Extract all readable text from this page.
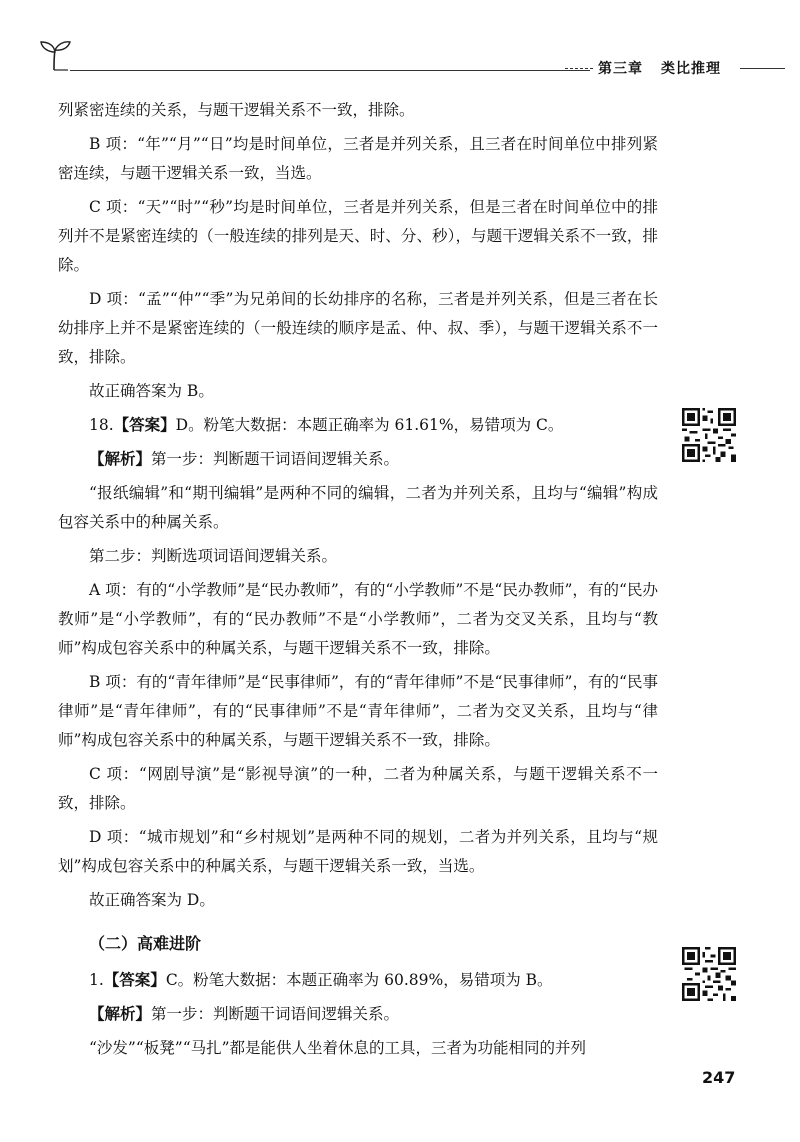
第三章 类比推理

列紧密连续的关系，与题干逻辑关系不一致，排除。

B 项：“年”“月”“日”均是时间单位，三者是并列关系，且三者在时间单位中排列紧密连续，与题干逻辑关系一致，当选。

C 项：“天”“时”“秒”均是时间单位，三者是并列关系，但是三者在时间单位中的排列并不是紧密连续的（一般连续的排列是天、时、分、秒），与题干逻辑关系不一致，排除。

D 项：“孟”“仲”“季”为兄弟间的长幼排序的名称，三者是并列关系，但是三者在长幼排序上并不是紧密连续的（一般连续的顺序是孟、仲、叔、季），与题干逻辑关系不一致，排除。

故正确答案为 B。

18.【答案】D。粉笔大数据：本题正确率为 61.61%，易错项为 C。

【解析】第一步：判断题干词语间逻辑关系。

“报纸编辑”和“期刊编辑”是两种不同的编辑，二者为并列关系，且均与“编辑”构成包容关系中的种属关系。

第二步：判断选项词语间逻辑关系。

A 项：有的“小学教师”是“民办教师”，有的“小学教师”不是“民办教师”，有的“民办教师”是“小学教师”，有的“民办教师”不是“小学教师”，二者为交叉关系，且均与“教师”构成包容关系中的种属关系，与题干逻辑关系不一致，排除。

B 项：有的“青年律师”是“民事律师”，有的“青年律师”不是“民事律师”，有的“民事律师”是“青年律师”，有的“民事律师”不是“青年律师”，二者为交叉关系，且均与“律师”构成包容关系中的种属关系，与题干逻辑关系不一致，排除。

C 项：“网剧导演”是“影视导演”的一种，二者为种属关系，与题干逻辑关系不一致，排除。

D 项：“城市规划”和“乡村规划”是两种不同的规划，二者为并列关系，且均与“规划”构成包容关系中的种属关系，与题干逻辑关系一致，当选。

故正确答案为 D。

（二）高难进阶

1.【答案】C。粉笔大数据：本题正确率为 60.89%，易错项为 B。

【解析】第一步：判断题干词语间逻辑关系。

“沙发”“板凳”“马扎”都是能供人坐着休息的工具，三者为功能相同的并列

247
